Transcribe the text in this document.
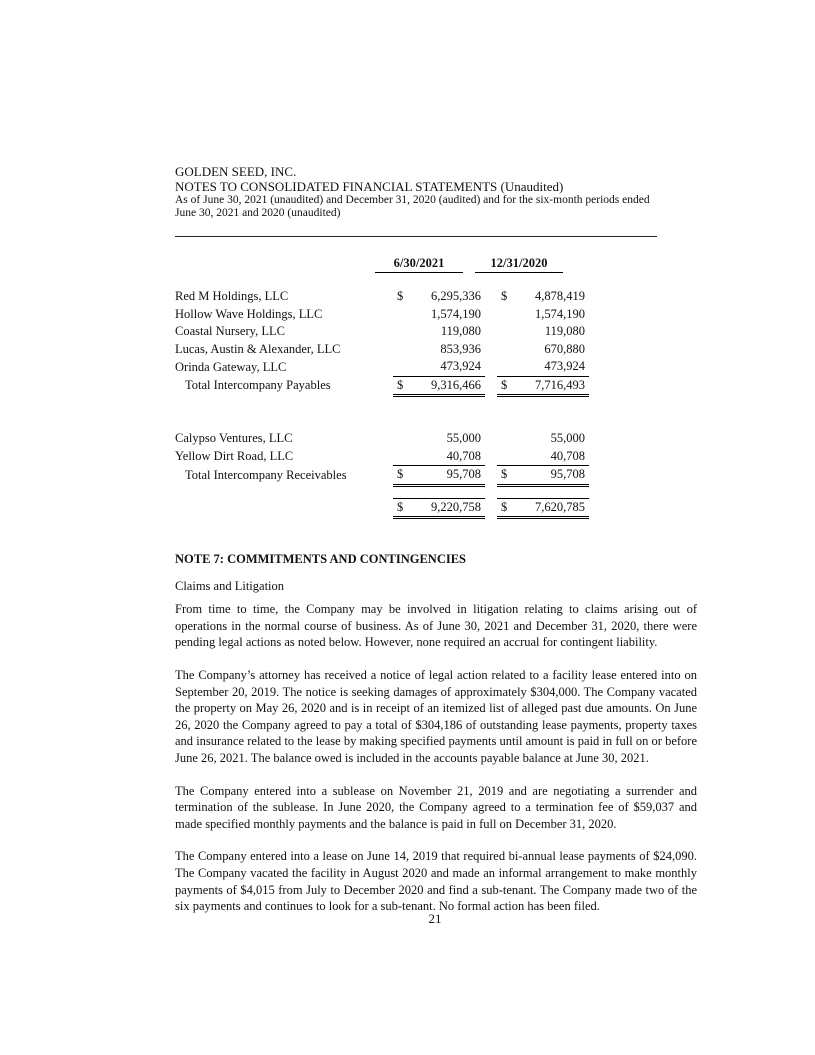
GOLDEN SEED, INC.
NOTES TO CONSOLIDATED FINANCIAL STATEMENTS (Unaudited)
As of June 30, 2021 (unaudited) and December 31, 2020 (audited) and for the six-month periods ended
June 30, 2021 and 2020 (unaudited)
6/30/2021	12/31/2020
Red M Holdings, LLC		$	6,295,336		$	4,878,419
Hollow Wave Holdings, LLC			1,574,190			1,574,190
Coastal Nursery, LLC			119,080			119,080
Lucas, Austin & Alexander, LLC			853,936			670,880
Orinda Gateway, LLC			473,924			473,924
Total Intercompany Payables		$	9,316,466		$	7,716,493
Calypso Ventures, LLC			55,000			55,000
Yellow Dirt Road, LLC			40,708			40,708
Total Intercompany Receivables		$	95,708		$	95,708

		$	9,220,758		$	7,620,785
NOTE 7: COMMITMENTS AND CONTINGENCIES
Claims and Litigation

From time to time, the Company may be involved in litigation relating to claims arising out of operations in the normal course of business. As of June 30, 2021 and December 31, 2020, there were pending legal actions as noted below. However, none required an accrual for contingent liability.

The Company’s attorney has received a notice of legal action related to a facility lease entered into on September 20, 2019. The notice is seeking damages of approximately $304,000. The Company vacated the property on May 26, 2020 and is in receipt of an itemized list of alleged past due amounts. On June 26, 2020 the Company agreed to pay a total of $304,186 of outstanding lease payments, property taxes and insurance related to the lease by making specified payments until amount is paid in full on or before June 26, 2021. The balance owed is included in the accounts payable balance at June 30, 2021.

The Company entered into a sublease on November 21, 2019 and are negotiating a surrender and termination of the sublease. In June 2020, the Company agreed to a termination fee of $59,037 and made specified monthly payments and the balance is paid in full on December 31, 2020.

The Company entered into a lease on June 14, 2019 that required bi-annual lease payments of $24,090. The Company vacated the facility in August 2020 and made an informal arrangement to make monthly payments of $4,015 from July to December 2020 and find a sub-tenant. The Company made two of the six payments and continues to look for a sub-tenant. No formal action has been filed.

21
